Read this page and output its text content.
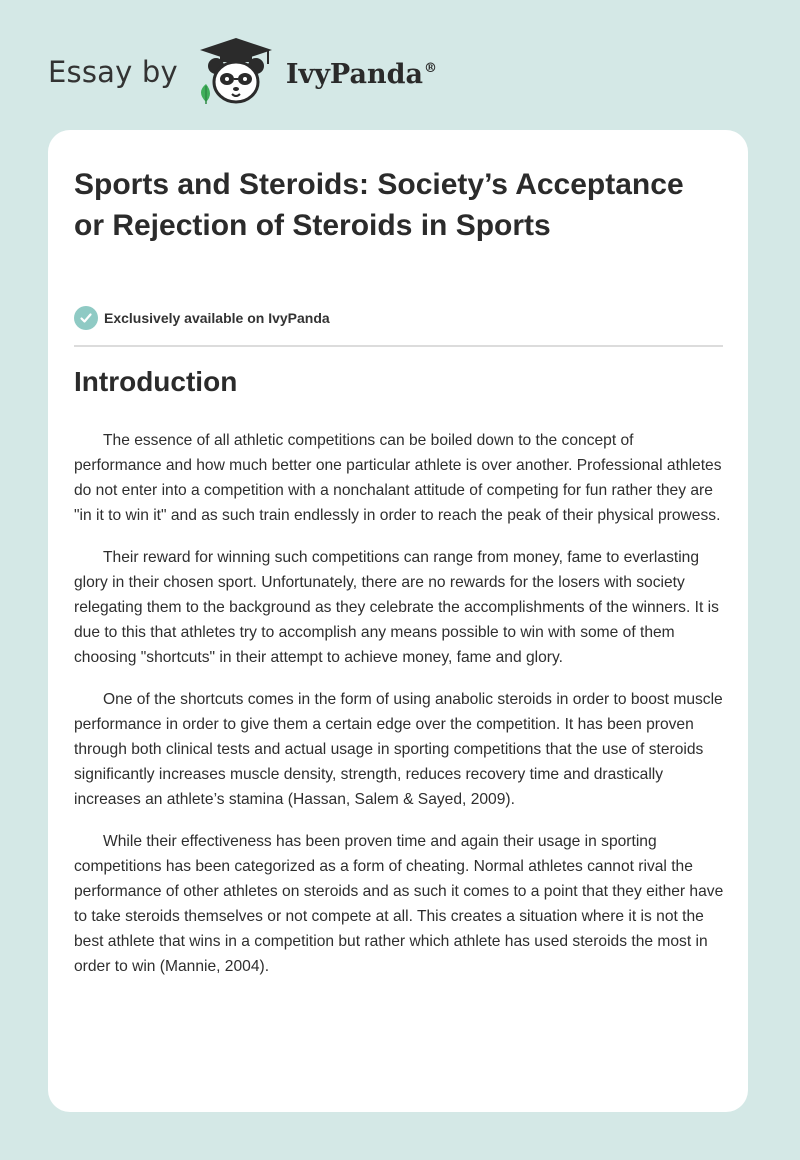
Essay by	IvyPanda®
Sports and Steroids: Society’s Acceptance or Rejection of Steroids in Sports
Exclusively available on IvyPanda
Introduction

The essence of all athletic competitions can be boiled down to the concept of performance and how much better one particular athlete is over another. Professional athletes do not enter into a competition with a nonchalant attitude of competing for fun rather they are "in it to win it" and as such train endlessly in order to reach the peak of their physical prowess.

Their reward for winning such competitions can range from money, fame to everlasting glory in their chosen sport. Unfortunately, there are no rewards for the losers with society relegating them to the background as they celebrate the accomplishments of the winners. It is due to this that athletes try to accomplish any means possible to win with some of them choosing "shortcuts" in their attempt to achieve money, fame and glory.

One of the shortcuts comes in the form of using anabolic steroids in order to boost muscle performance in order to give them a certain edge over the competition. It has been proven through both clinical tests and actual usage in sporting competitions that the use of steroids significantly increases muscle density, strength, reduces recovery time and drastically increases an athlete’s stamina (Hassan, Salem & Sayed, 2009).

While their effectiveness has been proven time and again their usage in sporting competitions has been categorized as a form of cheating. Normal athletes cannot rival the performance of other athletes on steroids and as such it comes to a point that they either have to take steroids themselves or not compete at all. This creates a situation where it is not the best athlete that wins in a competition but rather which athlete has used steroids the most in order to win (Mannie, 2004).
